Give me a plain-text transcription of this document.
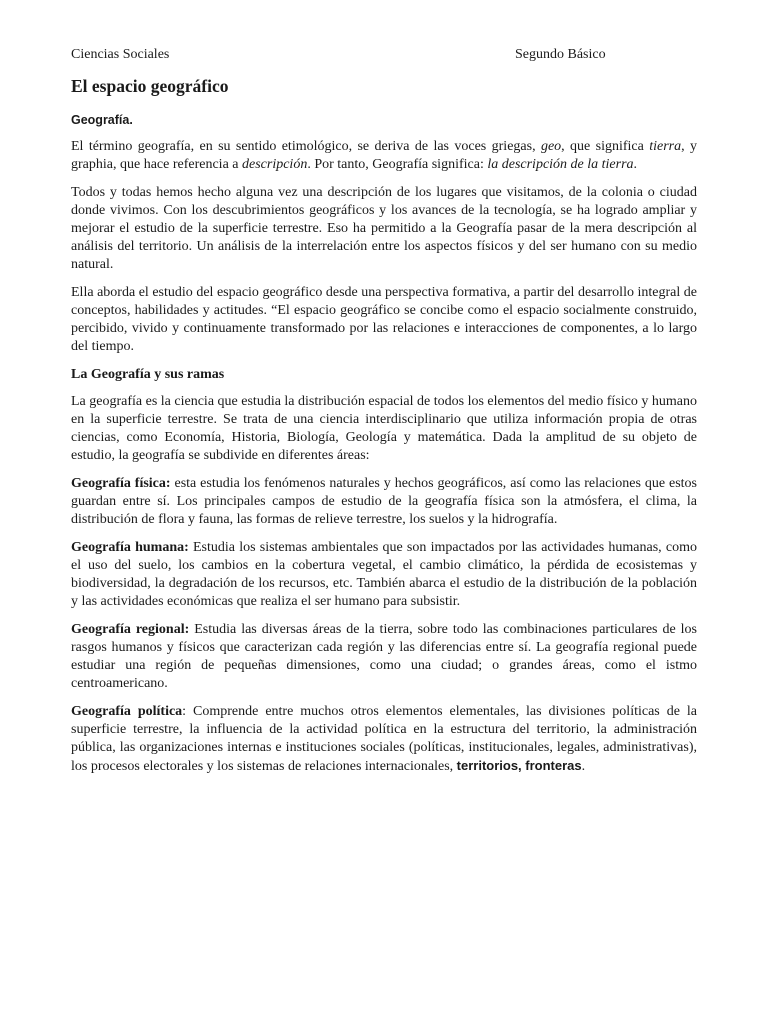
Ciencias Sociales	Segundo Básico
El espacio geográfico

Geografía.

El término geografía, en su sentido etimológico, se deriva de las voces griegas, geo, que significa tierra, y graphia, que hace referencia a descripción. Por tanto, Geografía significa: la descripción de la tierra.

Todos y todas hemos hecho alguna vez una descripción de los lugares que visitamos, de la colonia o ciudad donde vivimos. Con los descubrimientos geográficos y los avances de la tecnología, se ha logrado ampliar y mejorar el estudio de la superficie terrestre. Eso ha permitido a la Geografía pasar de la mera descripción al análisis del territorio. Un análisis de la interrelación entre los aspectos físicos y del ser humano con su medio natural.

Ella aborda el estudio del espacio geográfico desde una perspectiva formativa, a partir del desarrollo integral de conceptos, habilidades y actitudes. “El espacio geográfico se concibe como el espacio socialmente construido, percibido, vivido y continuamente transformado por las relaciones e interacciones de componentes, a lo largo del tiempo.

La Geografía y sus ramas

La geografía es la ciencia que estudia la distribución espacial de todos los elementos del medio físico y humano en la superficie terrestre. Se trata de una ciencia interdisciplinario que utiliza información propia de otras ciencias, como Economía, Historia, Biología, Geología y matemática. Dada la amplitud de su objeto de estudio, la geografía se subdivide en diferentes áreas:

Geografía física: esta estudia los fenómenos naturales y hechos geográficos, así como las relaciones que estos guardan entre sí. Los principales campos de estudio de la geografía física son la atmósfera, el clima, la distribución de flora y fauna, las formas de relieve terrestre, los suelos y la hidrografía.

Geografía humana: Estudia los sistemas ambientales que son impactados por las actividades humanas, como el uso del suelo, los cambios en la cobertura vegetal, el cambio climático, la pérdida de ecosistemas y biodiversidad, la degradación de los recursos, etc. También abarca el estudio de la distribución de la población y las actividades económicas que realiza el ser humano para subsistir.

Geografía regional: Estudia las diversas áreas de la tierra, sobre todo las combinaciones particulares de los rasgos humanos y físicos que caracterizan cada región y las diferencias entre sí. La geografía regional puede estudiar una región de pequeñas dimensiones, como una ciudad; o grandes áreas, como el istmo centroamericano.

Geografía política: Comprende entre muchos otros elementos elementales, las divisiones políticas de la superficie terrestre, la influencia de la actividad política en la estructura del territorio, la administración pública, las organizaciones internas e instituciones sociales (políticas, institucionales, legales, administrativas), los procesos electorales y los sistemas de relaciones internacionales, territorios, fronteras.
